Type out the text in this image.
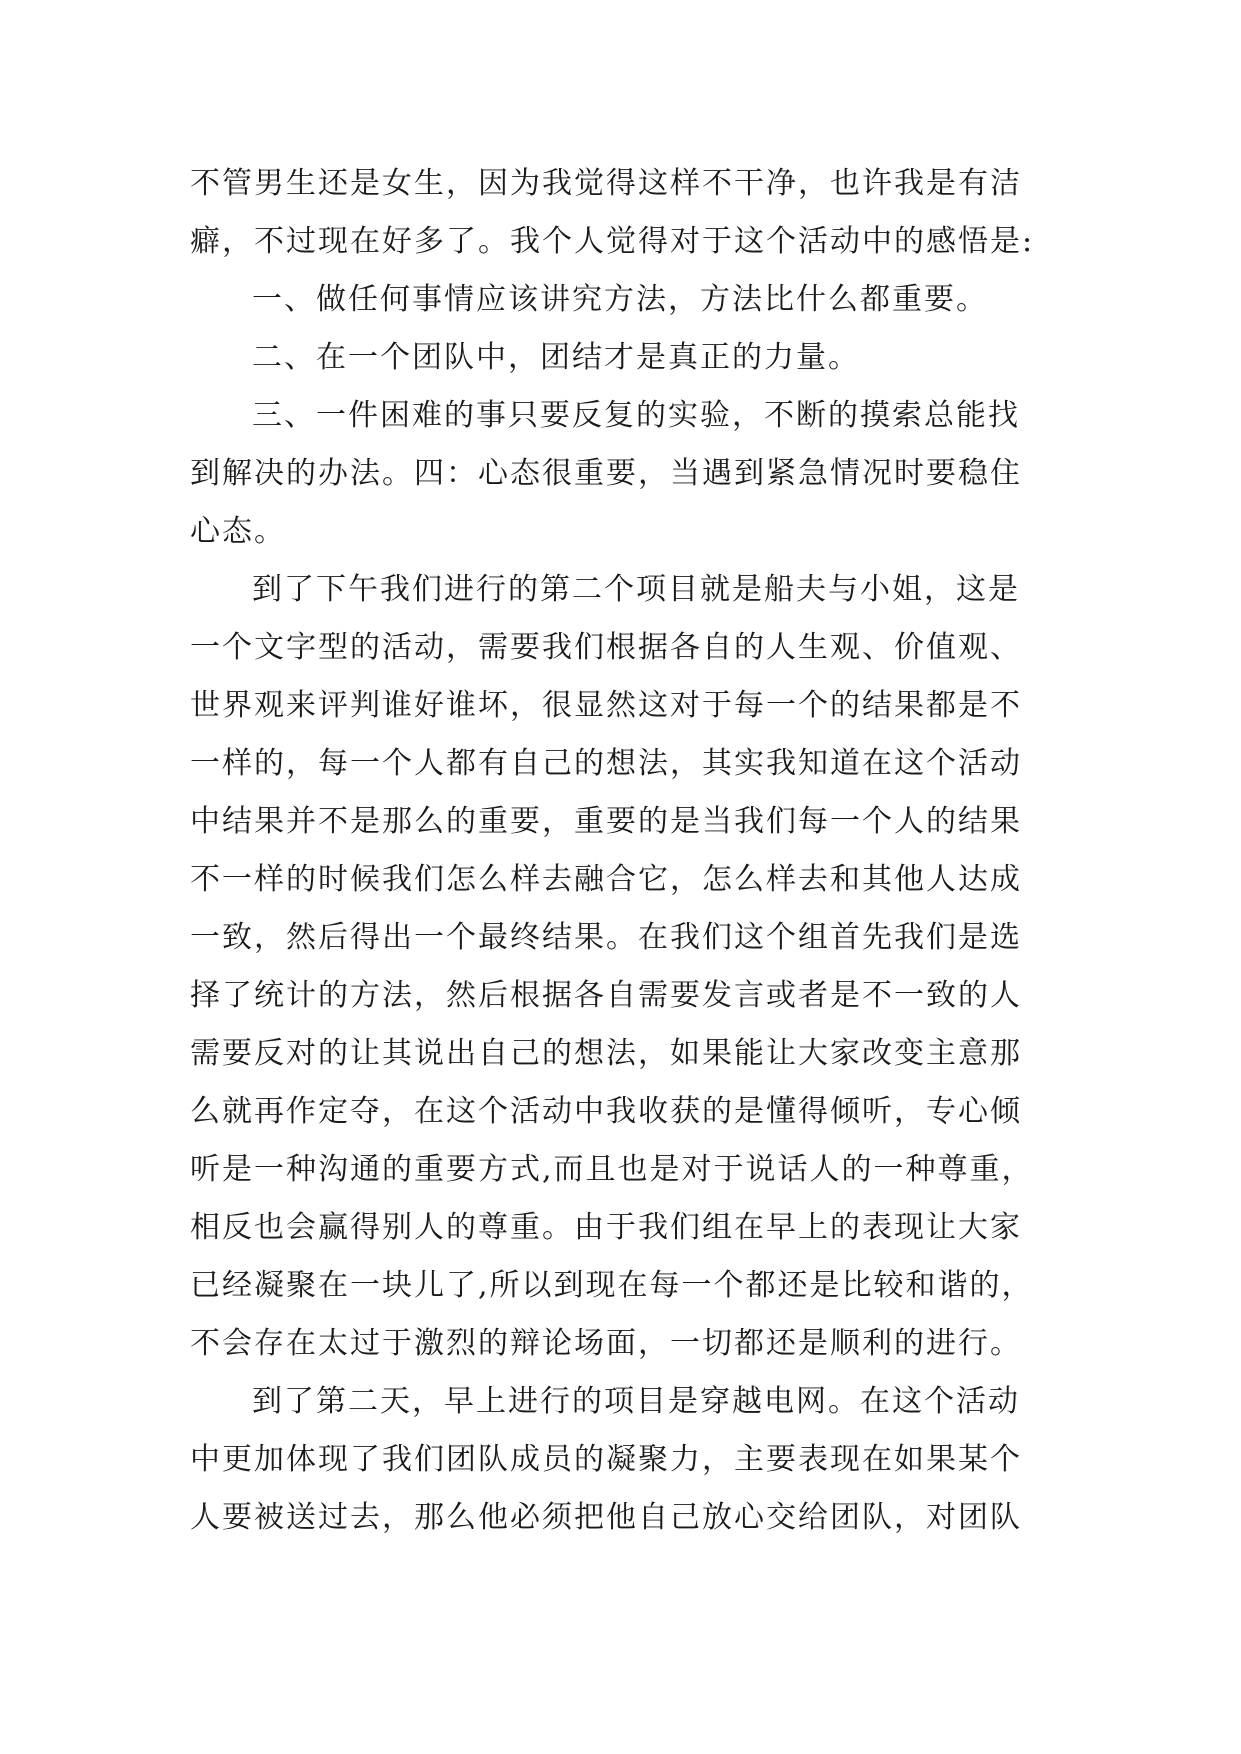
不管男生还是女生，因为我觉得这样不干净，也许我是有洁
癖，不过现在好多了。我个人觉得对于这个活动中的感悟是:
一、做任何事情应该讲究方法，方法比什么都重要。
二、在一个团队中，团结才是真正的力量。
三、一件困难的事只要反复的实验，不断的摸索总能找
到解决的办法。四：心态很重要，当遇到紧急情况时要稳住
心态。
到了下午我们进行的第二个项目就是船夫与小姐，这是
一个文字型的活动，需要我们根据各自的人生观、价值观、
世界观来评判谁好谁坏，很显然这对于每一个的结果都是不
一样的，每一个人都有自己的想法，其实我知道在这个活动
中结果并不是那么的重要，重要的是当我们每一个人的结果
不一样的时候我们怎么样去融合它，怎么样去和其他人达成
一致，然后得出一个最终结果。在我们这个组首先我们是选
择了统计的方法，然后根据各自需要发言或者是不一致的人
需要反对的让其说出自己的想法，如果能让大家改变主意那
么就再作定夺，在这个活动中我收获的是懂得倾听，专心倾
听是一种沟通的重要方式,而且也是对于说话人的一种尊重，
相反也会赢得别人的尊重。由于我们组在早上的表现让大家
已经凝聚在一块儿了,所以到现在每一个都还是比较和谐的，
不会存在太过于激烈的辩论场面，一切都还是顺利的进行。
到了第二天，早上进行的项目是穿越电网。在这个活动
中更加体现了我们团队成员的凝聚力，主要表现在如果某个
人要被送过去，那么他必须把他自己放心交给团队，对团队
